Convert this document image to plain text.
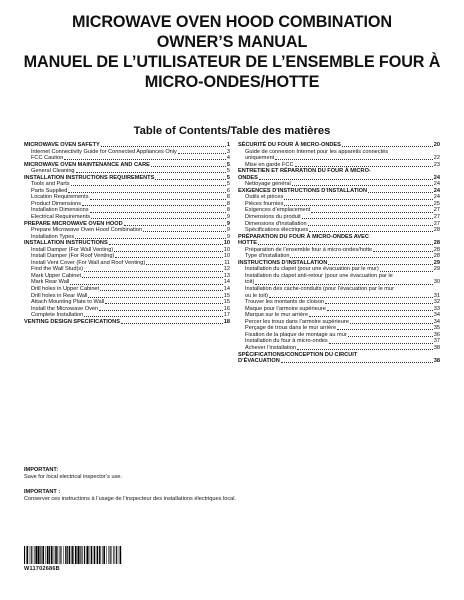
MICROWAVE OVEN HOOD COMBINATION
OWNER’S MANUAL
MANUEL DE L’UTILISATEUR DE L’ENSEMBLE FOUR À
MICRO-ONDES/HOTTE
Table of Contents/Table des matières
MICROWAVE OVEN SAFETY	1
Internet Connectivity Guide for Connected Appliances Only	3
FCC Caution	4
MICROWAVE OVEN MAINTENANCE AND CARE	5
General Cleaning	5
INSTALLATION INSTRUCTIONS REQUIREMENTS	5
Tools and Parts	5
Parts Supplied	6
Location Requirements	8
Product Dimensions	8
Installation Dimensions	8
Electrical Requirements	9
PREPARE MICROWAVE OVEN HOOD	9
Prepare Microwave Oven Hood Combination	9
Installation Types	9
INSTALLATION INSTRUCTIONS	10
Install Damper (For Wall Venting)	10
Install Damper (For Roof Venting)	10
Install Vent Cover (For Wall and Roof Venting)	11
Find the Wall Stud(s)	12
Mark Upper Cabinet	13
Mark Rear Wall	14
Drill holes in Upper Cabinet	14
Drill holes in Rear Wall	15
Attach Mounting Plate to Wall	15
Install the Microwave Oven	16
Complete Installation	17
VENTING DESIGN SPECIFICATIONS	18
SÉCURITÉ DU FOUR À MICRO-ONDES	20
Guide de connexion Internet pour les appareils connectés
uniquement	22
Mise en garde FCC	23
ENTRETIEN ET RÉPARATION DU FOUR À MICRO-
ONDES	24
Nettoyage général	24
EXIGENCES D’INSTRUCTIONS D’INSTALLATION	24
Outils et pièces	24
Pièces fournies	25
Exigences d’emplacement	27
Dimensions du produit	27
Dimensions d’installation	27
Spécifications électriques	28
PRÉPARATION DU FOUR À MICRO-ONDES AVEC
HOTTE	28
Préparation de l’ensemble four à micro-ondes/hotte	28
Type d’installation	28
INSTRUCTIONS D’INSTALLATION	29
Installation du clapet (pour une évacuation par le mur)	29
Installation du clapet anti-retour (pour une évacuation par le
toit)	30
Installation des cache-conduits (pour l’évacuation par le mur
ou le toit)	31
Trouver les montants de cloison	32
Maque pour l’armoire supérieure	33
Marque sur le mur arrière	34
Percer les trous dans l’armoire supérieure	34
Perçage de trous dans le mur arrière	35
Fixation de la plaque de montage au mur	36
Installation du four à micro-ondes	37
Achever l’installation	38
SPÉCIFICATIONS/CONCEPTION DU CIRCUIT
D’ÉVACUATION	38
IMPORTANT:
Save for local electrical inspector’s use.
IMPORTANT :
Conserver ces instructions à l’usage de l’inspecteur des installations électriques local.
W11702686B
